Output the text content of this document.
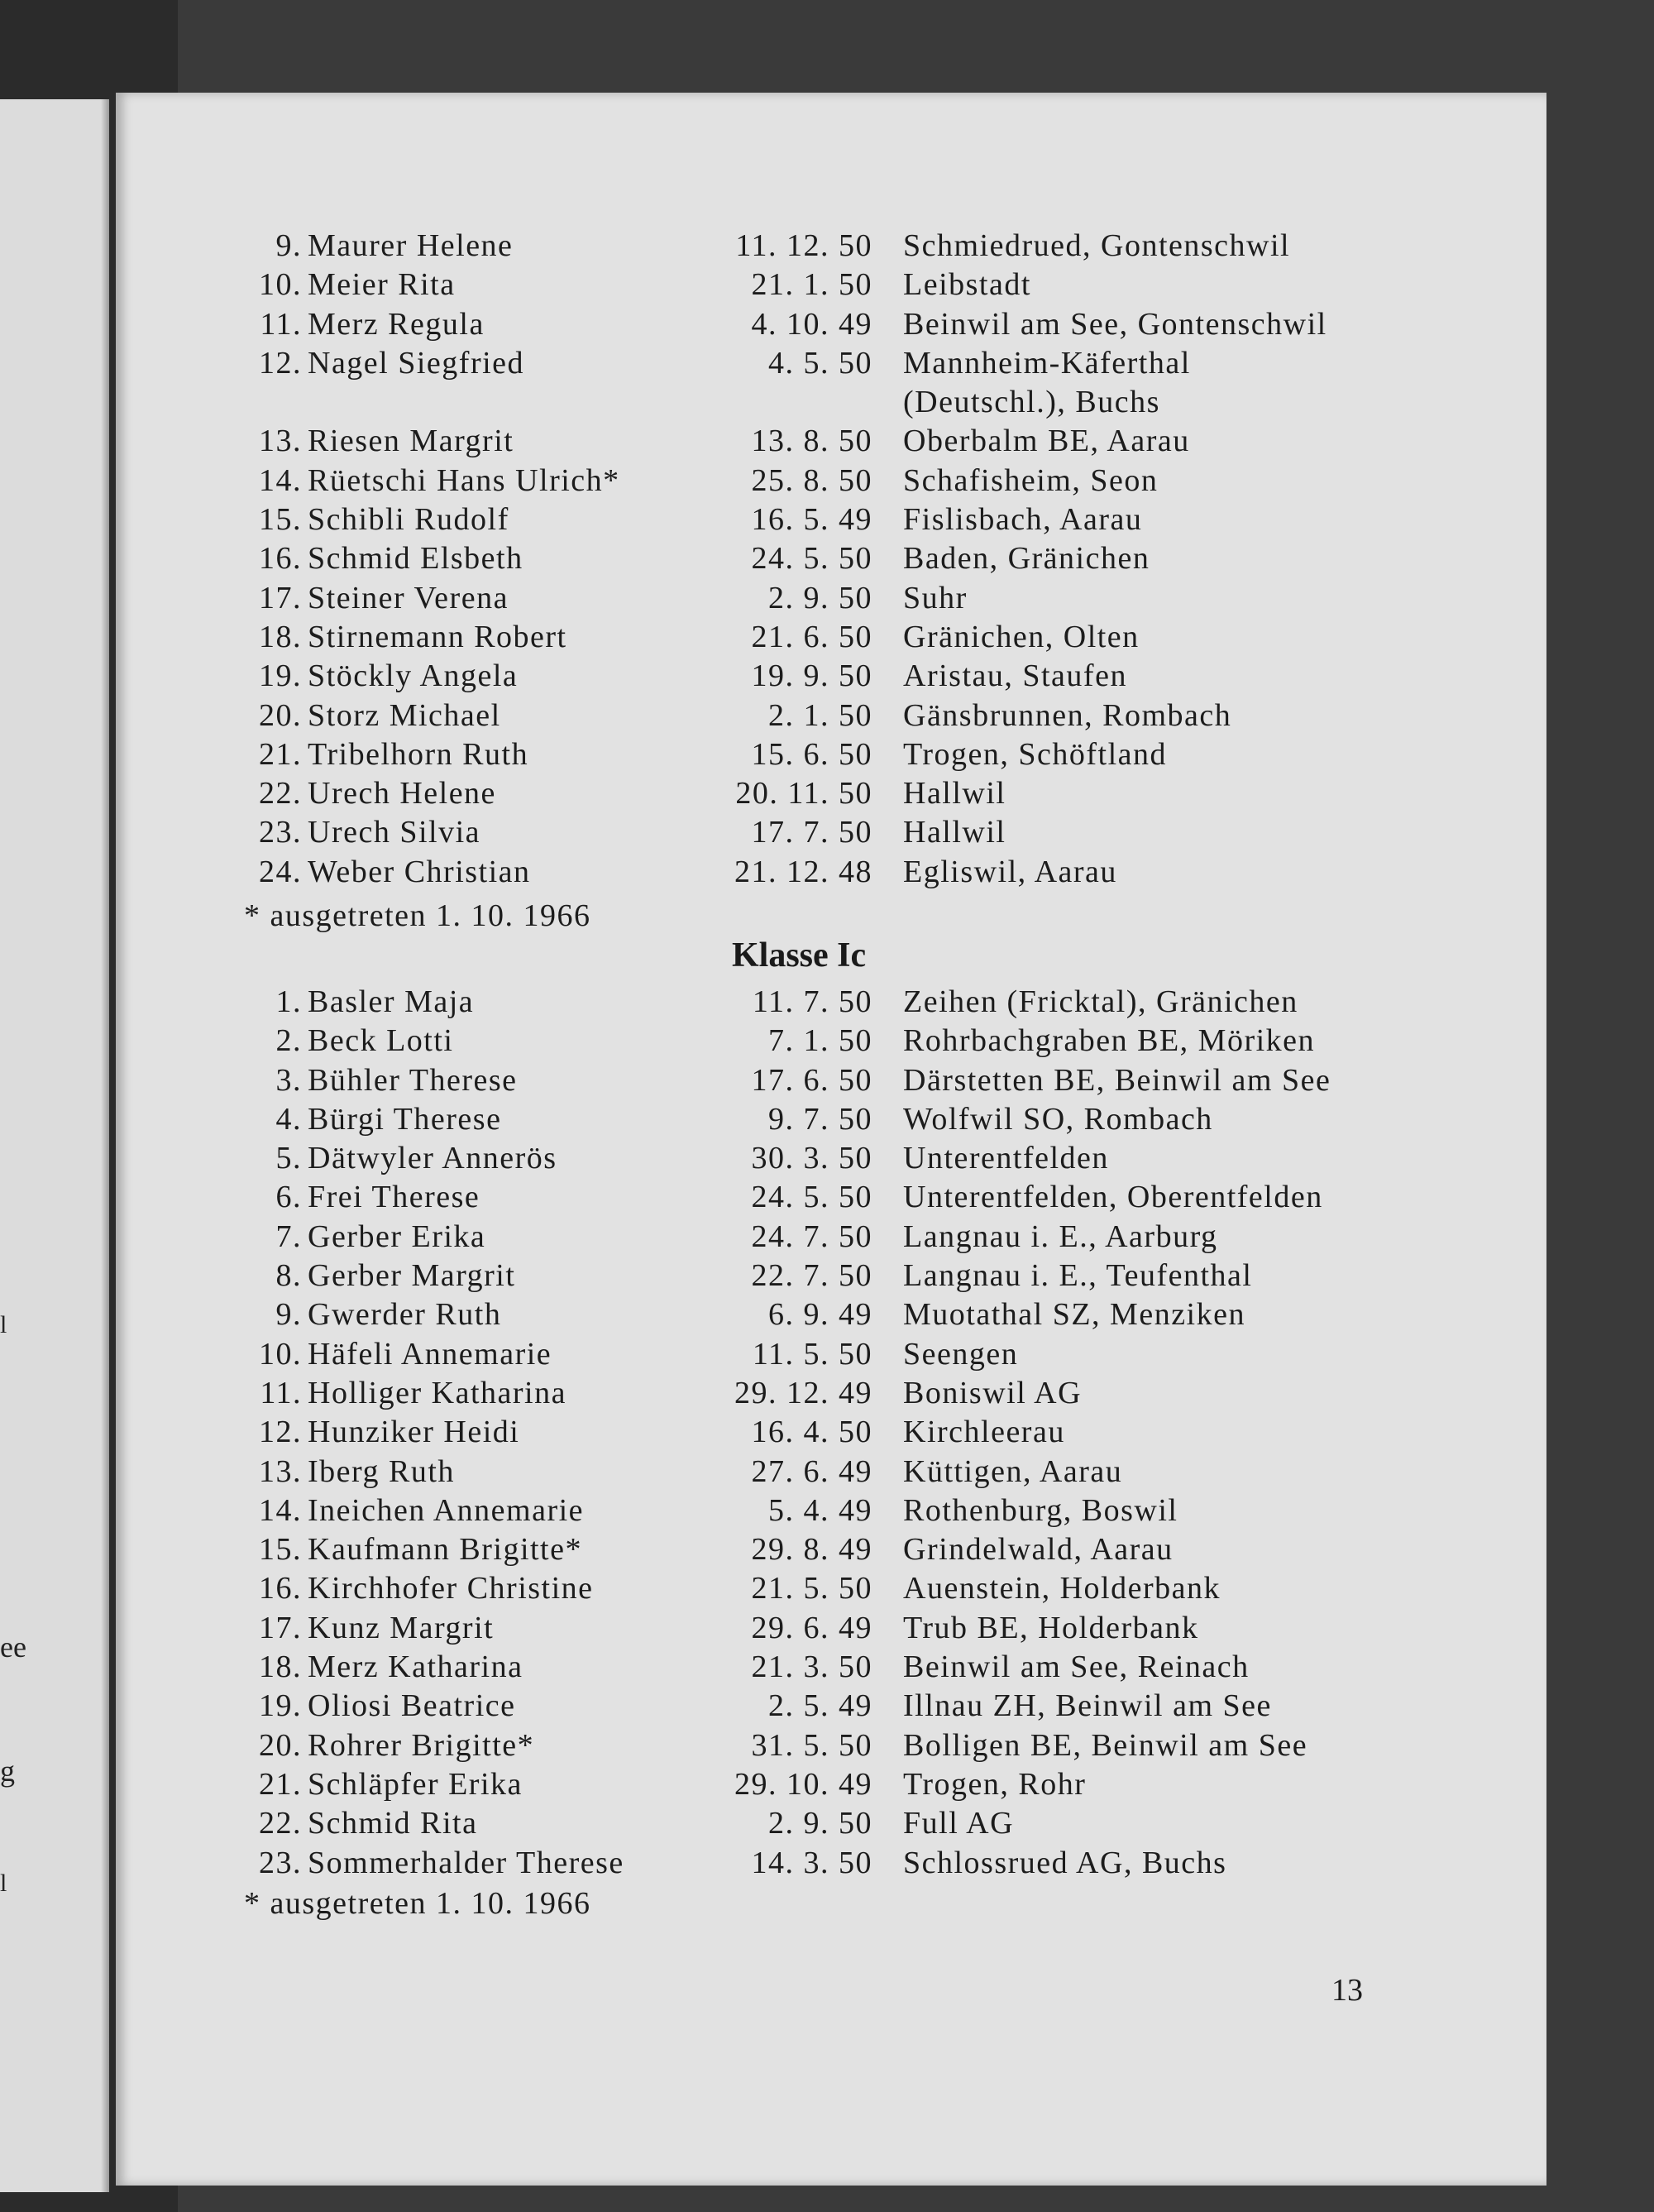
ee
g
l
l
9. Maurer Helene	11. 12. 50 Schmiedrued, Gontenschwil
10. Meier Rita	21. 1. 50 Leibstadt
11. Merz Regula	4. 10. 49 Beinwil am See, Gontenschwil
12. Nagel Siegfried	4. 5. 50 Mannheim-Käferthal
(Deutschl.), Buchs
13. Riesen Margrit	13. 8. 50 Oberbalm BE, Aarau
14. Rüetschi Hans Ulrich*	25. 8. 50 Schafisheim, Seon
15. Schibli Rudolf	16. 5. 49 Fislisbach, Aarau
16. Schmid Elsbeth	24. 5. 50 Baden, Gränichen
17. Steiner Verena	2. 9. 50 Suhr
18. Stirnemann Robert	21. 6. 50 Gränichen, Olten
19. Stöckly Angela	19. 9. 50 Aristau, Staufen
20. Storz Michael	2. 1. 50 Gänsbrunnen, Rombach
21. Tribelhorn Ruth	15. 6. 50 Trogen, Schöftland
22. Urech Helene	20. 11. 50 Hallwil
23. Urech Silvia	17. 7. 50 Hallwil
24. Weber Christian	21. 12. 48 Egliswil, Aarau
* ausgetreten 1. 10. 1966
Klasse Ic
1. Basler Maja	11. 7. 50 Zeihen (Fricktal), Gränichen
2. Beck Lotti	7. 1. 50 Rohrbachgraben BE, Möriken
3. Bühler Therese	17. 6. 50 Därstetten BE, Beinwil am See
4. Bürgi Therese	9. 7. 50 Wolfwil SO, Rombach
5. Dätwyler Annerös	30. 3. 50 Unterentfelden
6. Frei Therese	24. 5. 50 Unterentfelden, Oberentfelden
7. Gerber Erika	24. 7. 50 Langnau i. E., Aarburg
8. Gerber Margrit	22. 7. 50 Langnau i. E., Teufenthal
9. Gwerder Ruth	6. 9. 49 Muotathal SZ, Menziken
10. Häfeli Annemarie	11. 5. 50 Seengen
11. Holliger Katharina	29. 12. 49 Boniswil AG
12. Hunziker Heidi	16. 4. 50 Kirchleerau
13. Iberg Ruth	27. 6. 49 Küttigen, Aarau
14. Ineichen Annemarie	5. 4. 49 Rothenburg, Boswil
15. Kaufmann Brigitte*	29. 8. 49 Grindelwald, Aarau
16. Kirchhofer Christine	21. 5. 50 Auenstein, Holderbank
17. Kunz Margrit	29. 6. 49 Trub BE, Holderbank
18. Merz Katharina	21. 3. 50 Beinwil am See, Reinach
19. Oliosi Beatrice	2. 5. 49 Illnau ZH, Beinwil am See
20. Rohrer Brigitte*	31. 5. 50 Bolligen BE, Beinwil am See
21. Schläpfer Erika	29. 10. 49 Trogen, Rohr
22. Schmid Rita	2. 9. 50 Full AG
23. Sommerhalder Therese	14. 3. 50 Schlossrued AG, Buchs
* ausgetreten 1. 10. 1966
13
